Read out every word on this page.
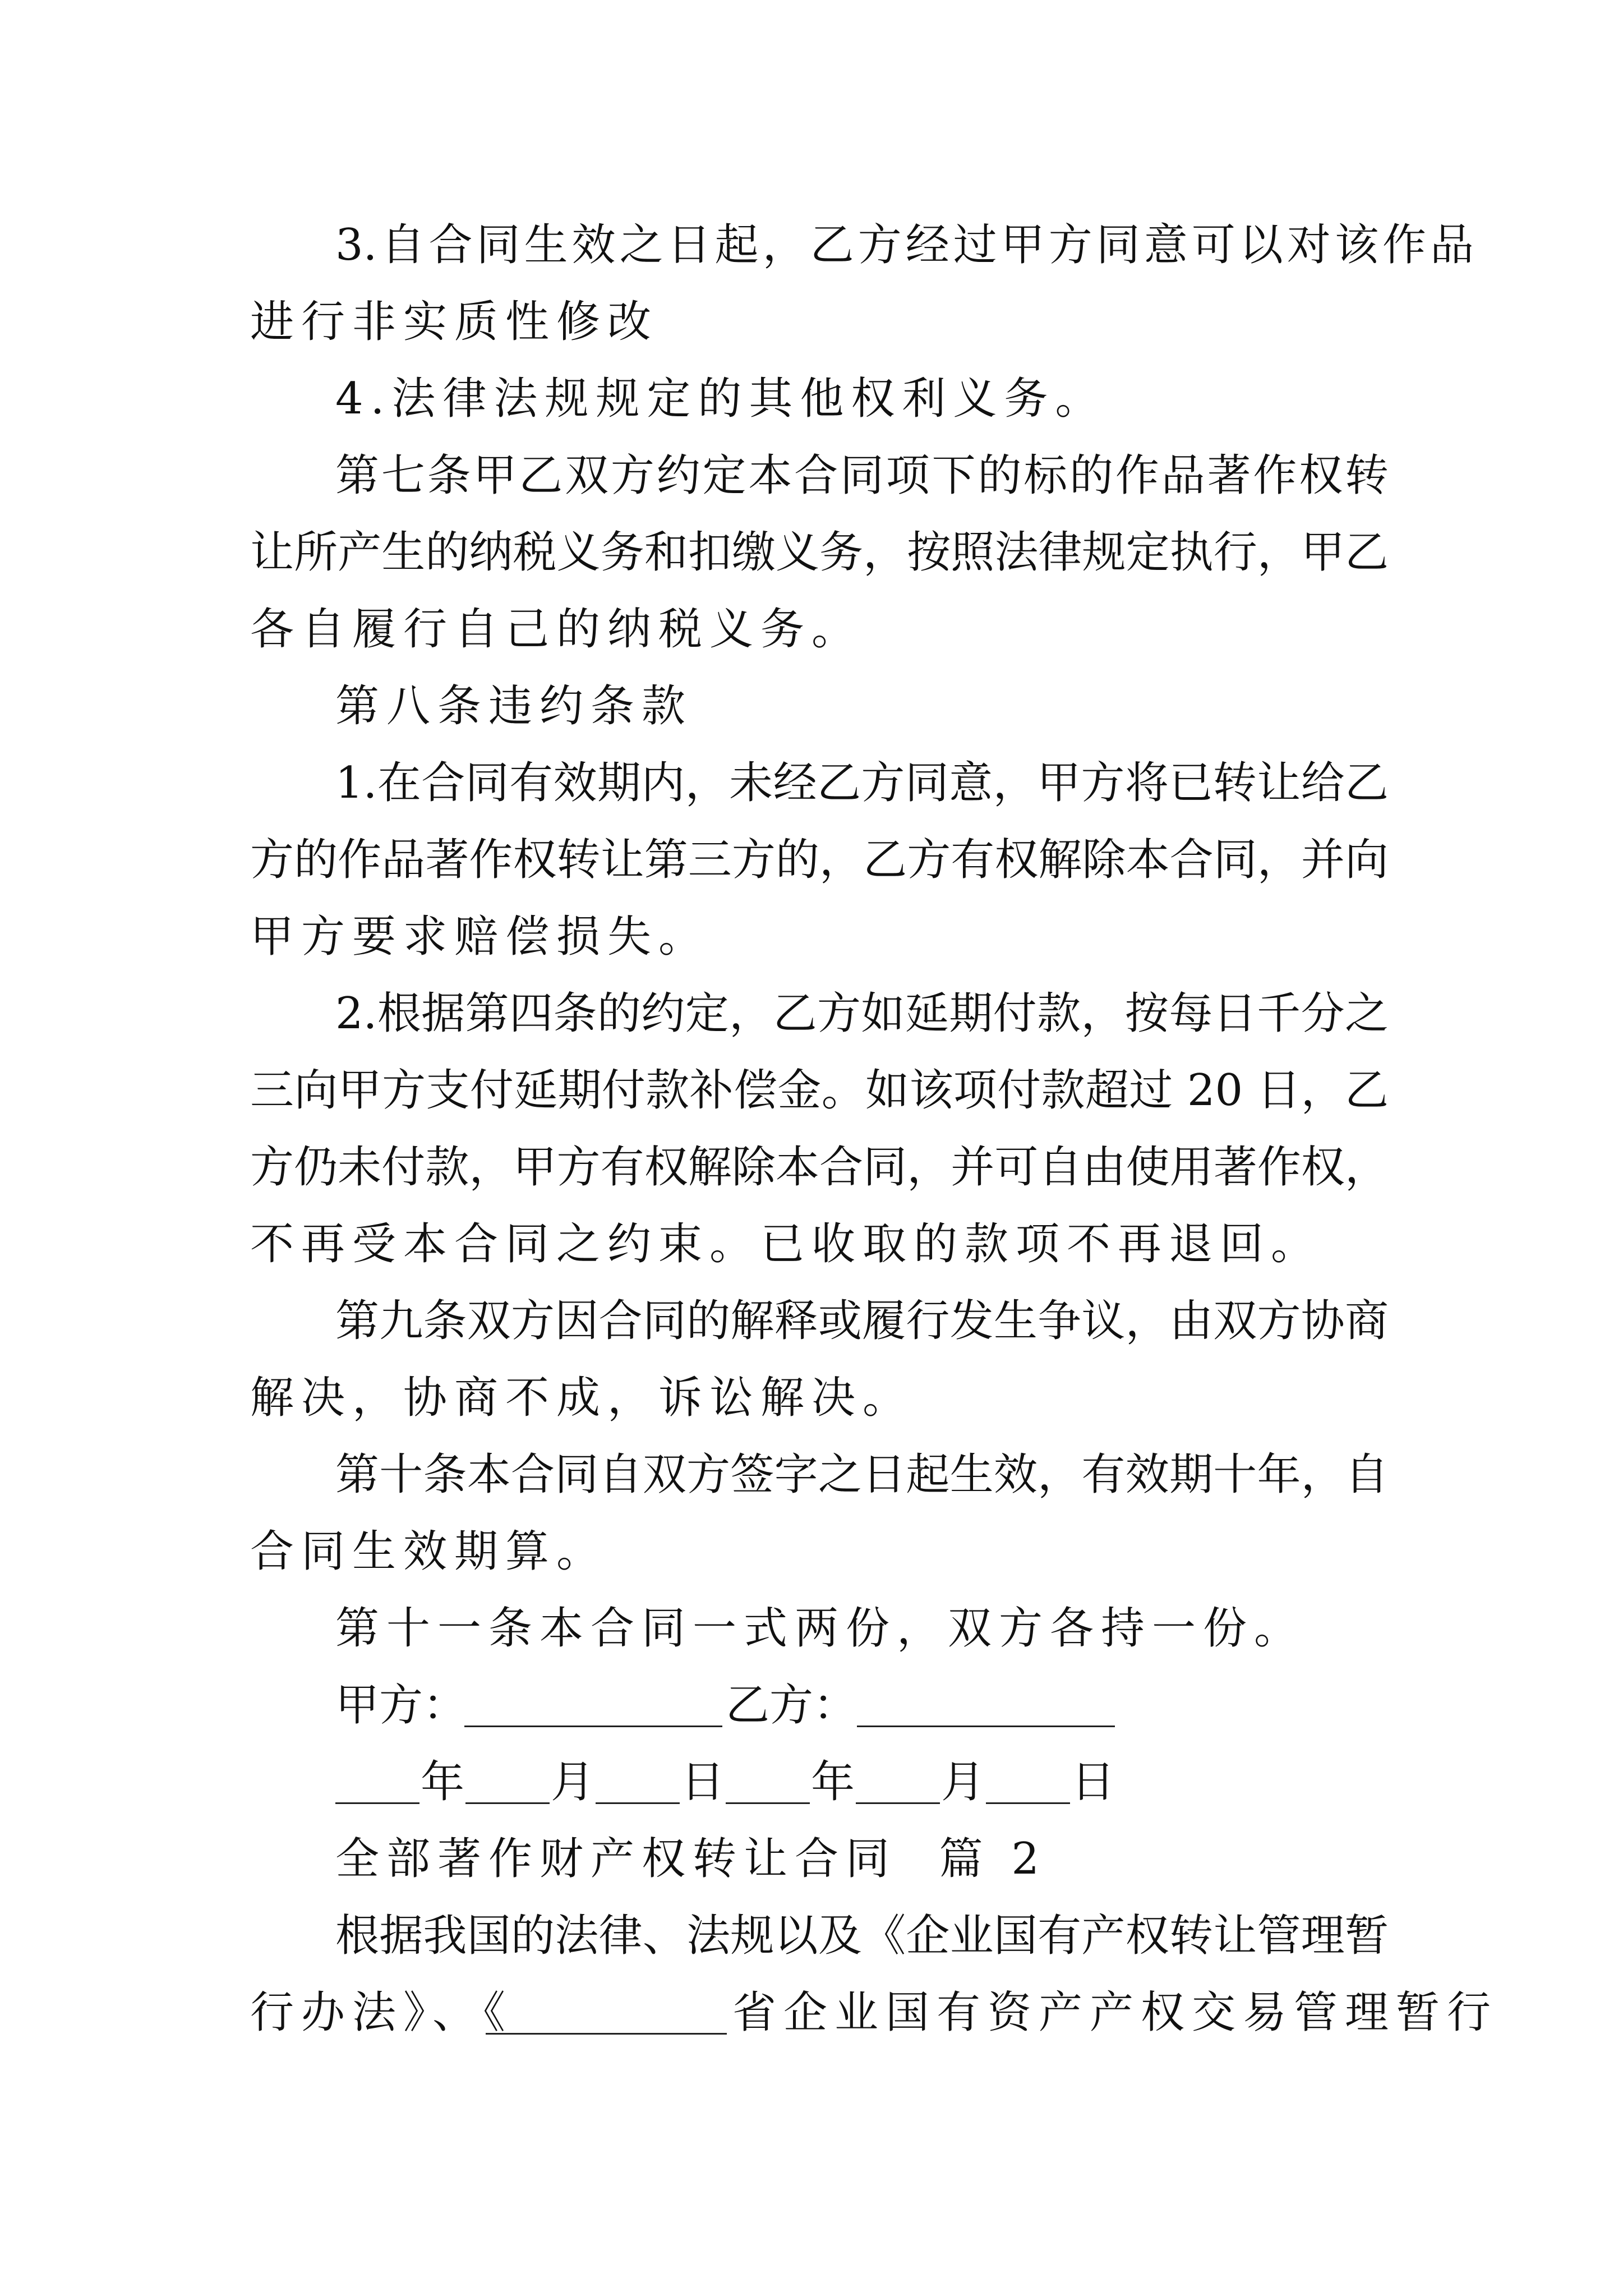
3.自合同生效之日起，乙方经过甲方同意可以对该作品
进行非实质性修改
4.法律法规规定的其他权利义务。
第七条甲乙双方约定本合同项下的标的作品著作权转
让所产生的纳税义务和扣缴义务，按照法律规定执行，甲乙
各自履行自己的纳税义务。
第八条违约条款
1.在合同有效期内，未经乙方同意，甲方将已转让给乙
方的作品著作权转让第三方的，乙方有权解除本合同，并向
甲方要求赔偿损失。
2.根据第四条的约定，乙方如延期付款，按每日千分之
三向甲方支付延期付款补偿金。如该项付款超过 20 日，乙
方仍未付款，甲方有权解除本合同，并可自由使用著作权，
不再受本合同之约束。已收取的款项不再退回。
第九条双方因合同的解释或履行发生争议，由双方协商
解决，协商不成，诉讼解决。
第十条本合同自双方签字之日起生效，有效期十年，自
合同生效期算。
第十一条本合同一式两份，双方各持一份。
甲方：	乙方：
年 月 日 年 月 日
全部著作财产权转让合同  篇 2
根据我国的法律、法规以及《企业国有产权转让管理暂
行办法》、《	省企业国有资产产权交易管理暂行
